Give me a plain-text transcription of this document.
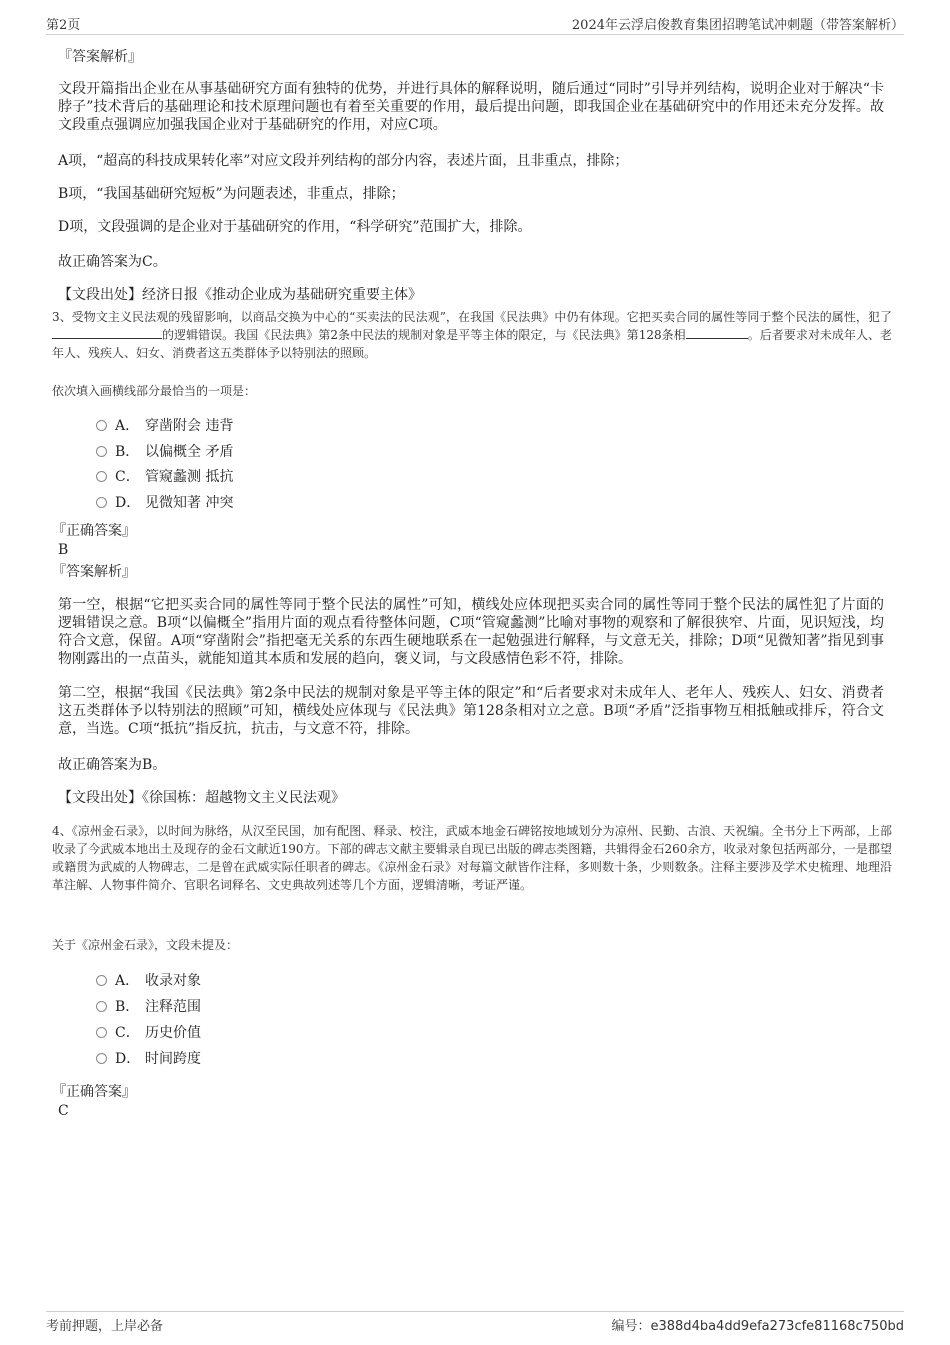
第2页	2024年云浮启俊教育集团招聘笔试冲刺题（带答案解析）
『答案解析』
文段开篇指出企业在从事基础研究方面有独特的优势，并进行具体的解释说明，随后通过“同时”引导并列结构，说明企业对于解决“卡脖子”技术背后的基础理论和技术原理问题也有着至关重要的作用，最后提出问题，即我国企业在基础研究中的作用还未充分发挥。故文段重点强调应加强我国企业对于基础研究的作用，对应C项。
A项，“超高的科技成果转化率”对应文段并列结构的部分内容，表述片面，且非重点，排除；
B项，“我国基础研究短板”为问题表述，非重点，排除；
D项，文段强调的是企业对于基础研究的作用，“科学研究”范围扩大，排除。
故正确答案为C。
【文段出处】经济日报《推动企业成为基础研究重要主体》
3、受物文主义民法观的残留影响，以商品交换为中心的“买卖法的民法观”，在我国《民法典》中仍有体现。它把买卖合同的属性等同于整个民法的属性，犯了的逻辑错误。我国《民法典》第2条中民法的规制对象是平等主体的限定，与《民法典》第128条相	。后者要求对未成年人、老年人、残疾人、妇女、消费者这五类群体予以特别法的照顾。
依次填入画横线部分最恰当的一项是：
A． 穿凿附会 违背
B． 以偏概全 矛盾
C． 管窥蠡测 抵抗
D． 见微知著 冲突
『正确答案』
B
『答案解析』
第一空，根据“它把买卖合同的属性等同于整个民法的属性”可知，横线处应体现把买卖合同的属性等同于整个民法的属性犯了片面的逻辑错误之意。B项“以偏概全”指用片面的观点看待整体问题，C项“管窥蠡测”比喻对事物的观察和了解很狭窄、片面，见识短浅，均符合文意，保留。A项“穿凿附会”指把毫无关系的东西生硬地联系在一起勉强进行解释，与文意无关，排除；D项“见微知著”指见到事物刚露出的一点苗头，就能知道其本质和发展的趋向，褒义词，与文段感情色彩不符，排除。
第二空，根据“我国《民法典》第2条中民法的规制对象是平等主体的限定”和“后者要求对未成年人、老年人、残疾人、妇女、消费者这五类群体予以特别法的照顾”可知，横线处应体现与《民法典》第128条相对立之意。B项“矛盾”泛指事物互相抵触或排斥，符合文意，当选。C项“抵抗”指反抗，抗击，与文意不符，排除。
故正确答案为B。
【文段出处】《徐国栋：超越物文主义民法观》
4、《凉州金石录》，以时间为脉络，从汉至民国，加有配图、释录、校注，武威本地金石碑铭按地域划分为凉州、民勤、古浪、天祝编。全书分上下两部，上部收录了今武威本地出土及现存的金石文献近190方。下部的碑志文献主要辑录自现已出版的碑志类图籍，共辑得金石260余方，收录对象包括两部分，一是郡望或籍贯为武威的人物碑志，二是曾在武威实际任职者的碑志。《凉州金石录》对每篇文献皆作注释，多则数十条，少则数条。注释主要涉及学术史梳理、地理沿革注解、人物事件简介、官职名词释名、文史典故列述等几个方面，逻辑清晰，考证严谨。
关于《凉州金石录》，文段未提及：
A． 收录对象
B． 注释范围
C． 历史价值
D． 时间跨度
『正确答案』
C
考前押题，上岸必备	编号：e388d4ba4dd9efa273cfe81168c750bd
